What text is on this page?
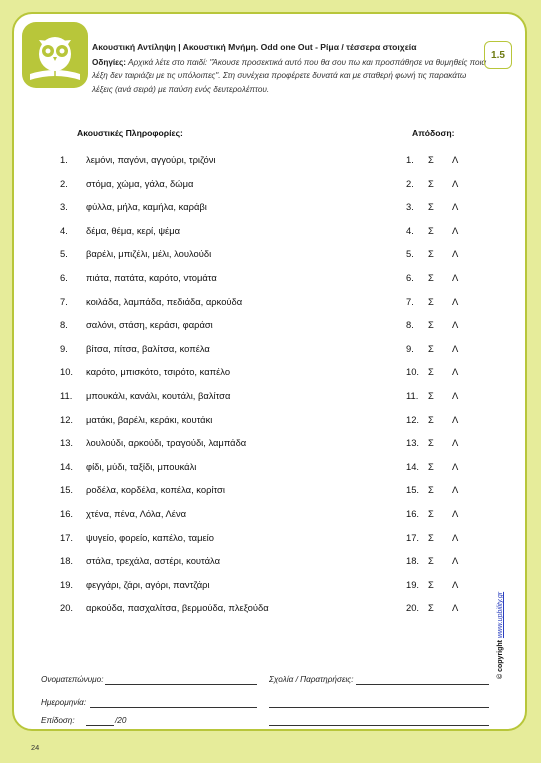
Ακουστική Αντίληψη | Ακουστική Μνήμη. Odd one Out - Ρίμα / τέσσερα στοιχεία
Οδηγίες: Αρχικά λέτε στο παιδί: "Άκουσε προσεκτικά αυτό που θα σου πω και προσπάθησε να θυμηθείς ποια λέξη δεν ταιριάζει με τις υπόλοιπες". Στη συνέχεια προφέρετε δυνατά και με σταθερή φωνή τις παρακάτω λέξεις (ανά σειρά) με παύση ενός δευτερολέπτου.
1.5
Ακουστικές Πληροφορίες:	Απόδοση:
1. λεμόνι, παγόνι, αγγούρι, τριζόνι	1. Σ Λ
2. στόμα, χώμα, γάλα, δώμα	2. Σ Λ
3. φύλλα, μήλα, καμήλα, καράβι	3. Σ Λ
4. δέμα, θέμα, κερί, ψέμα	4. Σ Λ
5. βαρέλι, μπιζέλι, μέλι, λουλούδι	5. Σ Λ
6. πιάτα, πατάτα, καρότο, ντομάτα	6. Σ Λ
7. κοιλάδα, λαμπάδα, πεδιάδα, αρκούδα	7. Σ Λ
8. σαλόνι, στάση, κεράσι, φαράσι	8. Σ Λ
9. βίτσα, πίτσα, βαλίτσα, κοπέλα	9. Σ Λ
10. καρότο, μπισκότο, τσιρότο, καπέλο	10. Σ Λ
11. μπουκάλι, κανάλι, κουτάλι, βαλίτσα	11. Σ Λ
12. ματάκι, βαρέλι, κεράκι, κουτάκι	12. Σ Λ
13. λουλούδι, αρκούδι, τραγούδι, λαμπάδα	13. Σ Λ
14. φίδι, μύδι, ταξίδι, μπουκάλι	14. Σ Λ
15. ροδέλα, κορδέλα, κοπέλα, κορίτσι	15. Σ Λ
16. χτένα, πένα, Λόλα, Λένα	16. Σ Λ
17. ψυγείο, φορείο, καπέλο, ταμείο	17. Σ Λ
18. στάλα, τρεχάλα, αστέρι, κουτάλα	18. Σ Λ
19. φεγγάρι, ζάρι, αγόρι, παντζάρι	19. Σ Λ
20. αρκούδα, πασχαλίτσα, βερμούδα, πλεξούδα	20. Σ Λ
Ονοματεπώνυμο:	Σχολία / Παρατηρήσεις:
Ημερομηνία:
Επίδοση:	/20
© copyright www.upbility.gr
24
